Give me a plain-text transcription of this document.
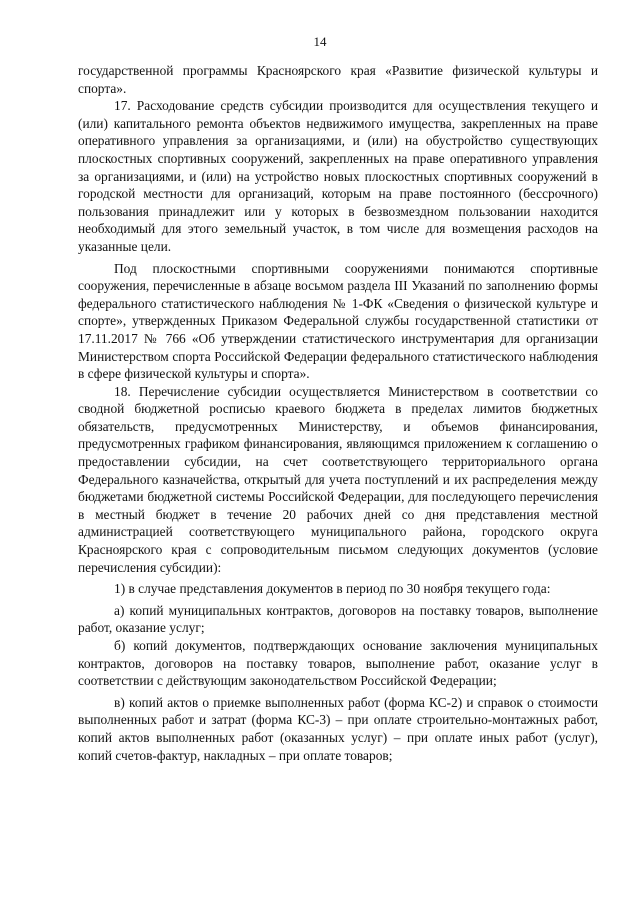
14

государственной программы Красноярского края «Развитие физической культуры и спорта».

17. Расходование средств субсидии производится для осуществления текущего и (или) капитального ремонта объектов недвижимого имущества, закрепленных на праве оперативного управления за организациями, и (или) на обустройство существующих плоскостных спортивных сооружений, закрепленных на праве оперативного управления за организациями, и (или) на устройство новых плоскостных спортивных сооружений в городской местности для организаций, которым на праве постоянного (бессрочного) пользования принадлежит или у которых в безвозмездном пользовании находится необходимый для этого земельный участок, в том числе для возмещения расходов на указанные цели.

Под плоскостными спортивными сооружениями понимаются спортивные сооружения, перечисленные в абзаце восьмом раздела III Указаний по заполнению формы федерального статистического наблюдения № 1-ФК «Сведения о физической культуре и спорте», утвержденных Приказом Федеральной службы государственной статистики от 17.11.2017 № 766 «Об утверждении статистического инструментария для организации Министерством спорта Российской Федерации федерального статистического наблюдения в сфере физической культуры и спорта».

18. Перечисление субсидии осуществляется Министерством в соответствии со сводной бюджетной росписью краевого бюджета в пределах лимитов бюджетных обязательств, предусмотренных Министерству, и объемов финансирования, предусмотренных графиком финансирования, являющимся приложением к соглашению о предоставлении субсидии, на счет соответствующего территориального органа Федерального казначейства, открытый для учета поступлений и их распределения между бюджетами бюджетной системы Российской Федерации, для последующего перечисления в местный бюджет в течение 20 рабочих дней со дня представления местной администрацией соответствующего муниципального района, городского округа Красноярского края с сопроводительным письмом следующих документов (условие перечисления субсидии):

1) в случае представления документов в период по 30 ноября текущего года:

а) копий муниципальных контрактов, договоров на поставку товаров, выполнение работ, оказание услуг;

б) копий документов, подтверждающих основание заключения муниципальных контрактов, договоров на поставку товаров, выполнение работ, оказание услуг в соответствии с действующим законодательством Российской Федерации;

в) копий актов о приемке выполненных работ (форма КС-2) и справок о стоимости выполненных работ и затрат (форма КС-3) – при оплате строительно-монтажных работ, копий актов выполненных работ (оказанных услуг) – при оплате иных работ (услуг), копий счетов-фактур, накладных – при оплате товаров;
